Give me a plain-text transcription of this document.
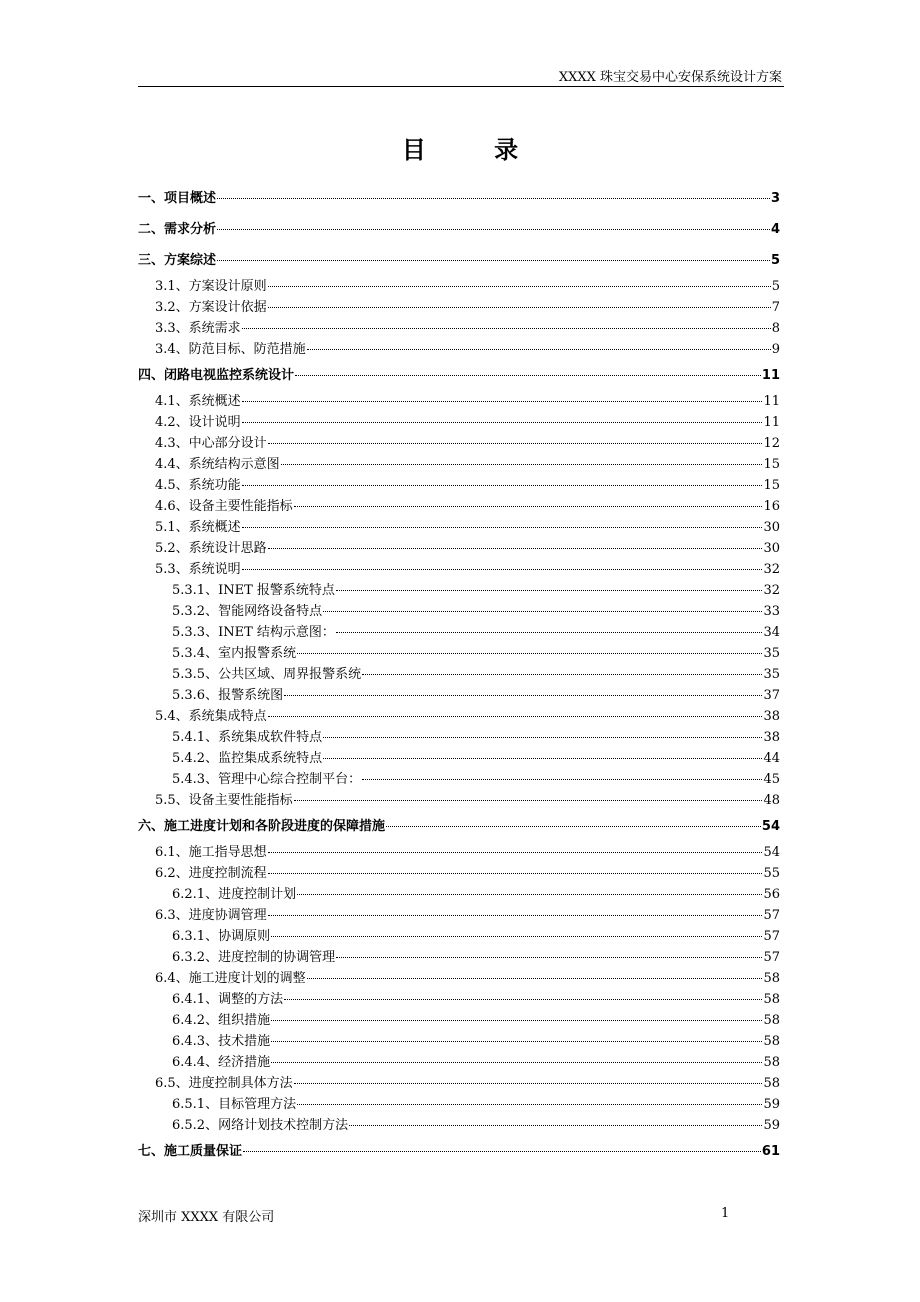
XXXX 珠宝交易中心安保系统设计方案
目 录
一、项目概述	3
二、需求分析	4
三、方案综述	5
3.1、方案设计原则	5
3.2、方案设计依据	7
3.3、系统需求	8
3.4、防范目标、防范措施	9
四、闭路电视监控系统设计	11
4.1、系统概述	11
4.2、设计说明	11
4.3、中心部分设计	12
4.4、系统结构示意图	15
4.5、系统功能	15
4.6、设备主要性能指标	16
5.1、系统概述	30
5.2、系统设计思路	30
5.3、系统说明	32
5.3.1、INET 报警系统特点	32
5.3.2、智能网络设备特点	33
5.3.3、INET 结构示意图：	34
5.3.4、室内报警系统	35
5.3.5、公共区域、周界报警系统	35
5.3.6、报警系统图	37
5.4、系统集成特点	38
5.4.1、系统集成软件特点	38
5.4.2、监控集成系统特点	44
5.4.3、管理中心综合控制平台：	45
5.5、设备主要性能指标	48
六、施工进度计划和各阶段进度的保障措施	54
6.1、施工指导思想	54
6.2、进度控制流程	55
6.2.1、进度控制计划	56
6.3、进度协调管理	57
6.3.1、协调原则	57
6.3.2、进度控制的协调管理	57
6.4、施工进度计划的调整	58
6.4.1、调整的方法	58
6.4.2、组织措施	58
6.4.3、技术措施	58
6.4.4、经济措施	58
6.5、进度控制具体方法	58
6.5.1、目标管理方法	59
6.5.2、网络计划技术控制方法	59
七、施工质量保证	61
深圳市 XXXX 有限公司	1
